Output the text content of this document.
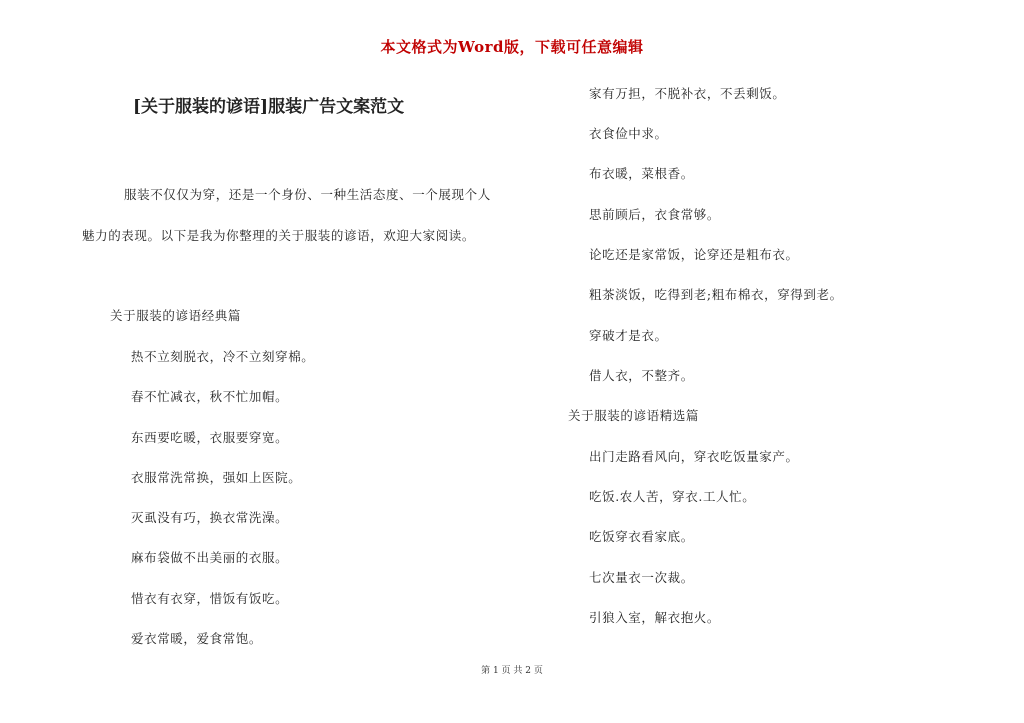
本文格式为Word版，下载可任意编辑
[关于服装的谚语]服装广告文案范文
服装不仅仅为穿，还是一个身份、一种生活态度、一个展现个人
魅力的表现。以下是我为你整理的关于服装的谚语，欢迎大家阅读。
关于服装的谚语经典篇
热不立刻脱衣，冷不立刻穿棉。
春不忙减衣，秋不忙加帽。
东西要吃暖，衣服要穿宽。
衣服常洗常换，强如上医院。
灭虱没有巧，换衣常洗澡。
麻布袋做不出美丽的衣服。
惜衣有衣穿，惜饭有饭吃。
爱衣常暖，爱食常饱。
家有万担，不脱补衣，不丢剩饭。
衣食俭中求。
布衣暖，菜根香。
思前顾后，衣食常够。
论吃还是家常饭，论穿还是粗布衣。
粗茶淡饭，吃得到老;粗布棉衣，穿得到老。
穿破才是衣。
借人衣，不整齐。
关于服装的谚语精选篇
出门走路看风向，穿衣吃饭量家产。
吃饭.农人苦，穿衣.工人忙。
吃饭穿衣看家底。
七次量衣一次裁。
引狼入室，解衣抱火。
第 1 页 共 2 页
